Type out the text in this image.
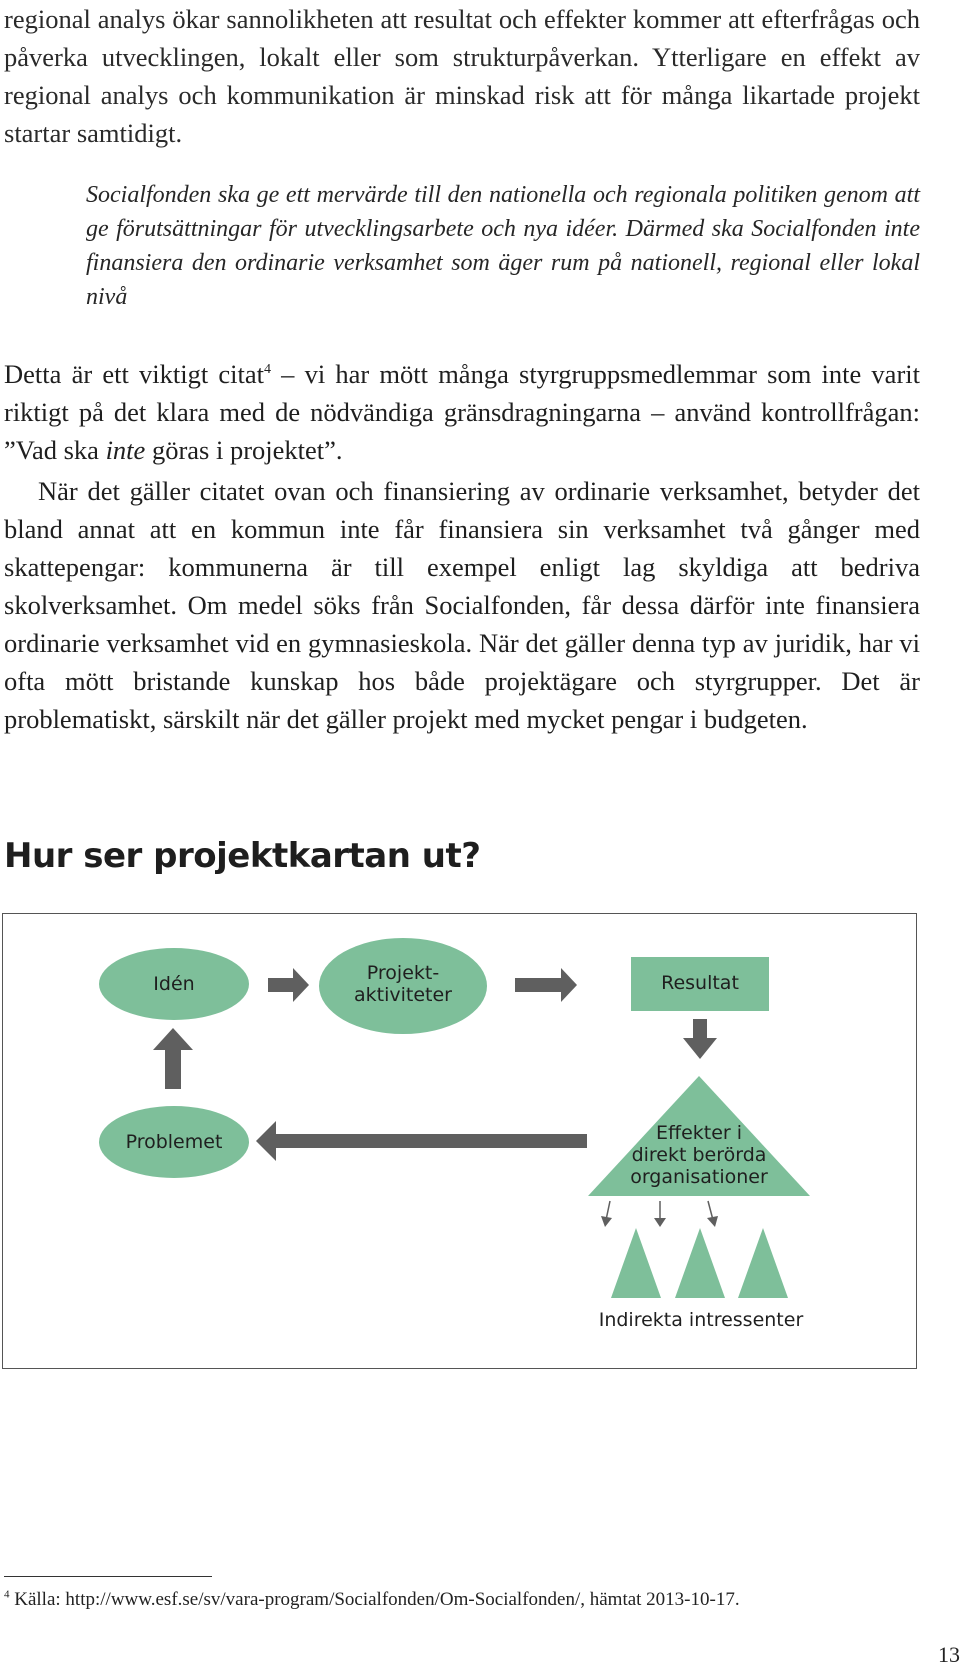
regional analys ökar sannolikheten att resultat och effekter kommer att efterfrågas och påverka utvecklingen, lokalt eller som strukturpåverkan. Ytterligare en effekt av regional analys och kommunikation är minskad risk att för många likartade projekt startar samtidigt.

Socialfonden ska ge ett mervärde till den nationella och regionala politiken genom att ge förutsättningar för utvecklingsarbete och nya idéer. Därmed ska Socialfonden inte finansiera den ordinarie verksamhet som äger rum på nationell, regional eller lokal nivå

Detta är ett viktigt citat$^4$ – vi har mött många styrgruppsmedlemmar som inte varit riktigt på det klara med de nödvändiga gränsdragningarna – använd kontrollfrågan: ”Vad ska inte göras i projektet”.

När det gäller citatet ovan och finansiering av ordinarie verksamhet, betyder det bland annat att en kommun inte får finansiera sin verksamhet två gånger med skattepengar: kommunerna är till exempel enligt lag skyldiga att bedriva skolverksamhet. Om medel söks från Socialfonden, får dessa därför inte finansiera ordinarie verksamhet vid en gymnasieskola. När det gäller denna typ av juridik, har vi ofta mött bristande kunskap hos både projektägare och styrgrupper. Det är problematiskt, särskilt när det gäller projekt med mycket pengar i budgeten.

Hur ser projektkartan ut?
Idén	Projekt-
aktiviteter
Resultat
Problemet	Effekter i
direkt berörda
organisationer
Indirekta intressenter

$^4$ Källa: http://www.esf.se/sv/vara-program/Socialfonden/Om-Socialfonden/, hämtat 2013-10-17.

13
